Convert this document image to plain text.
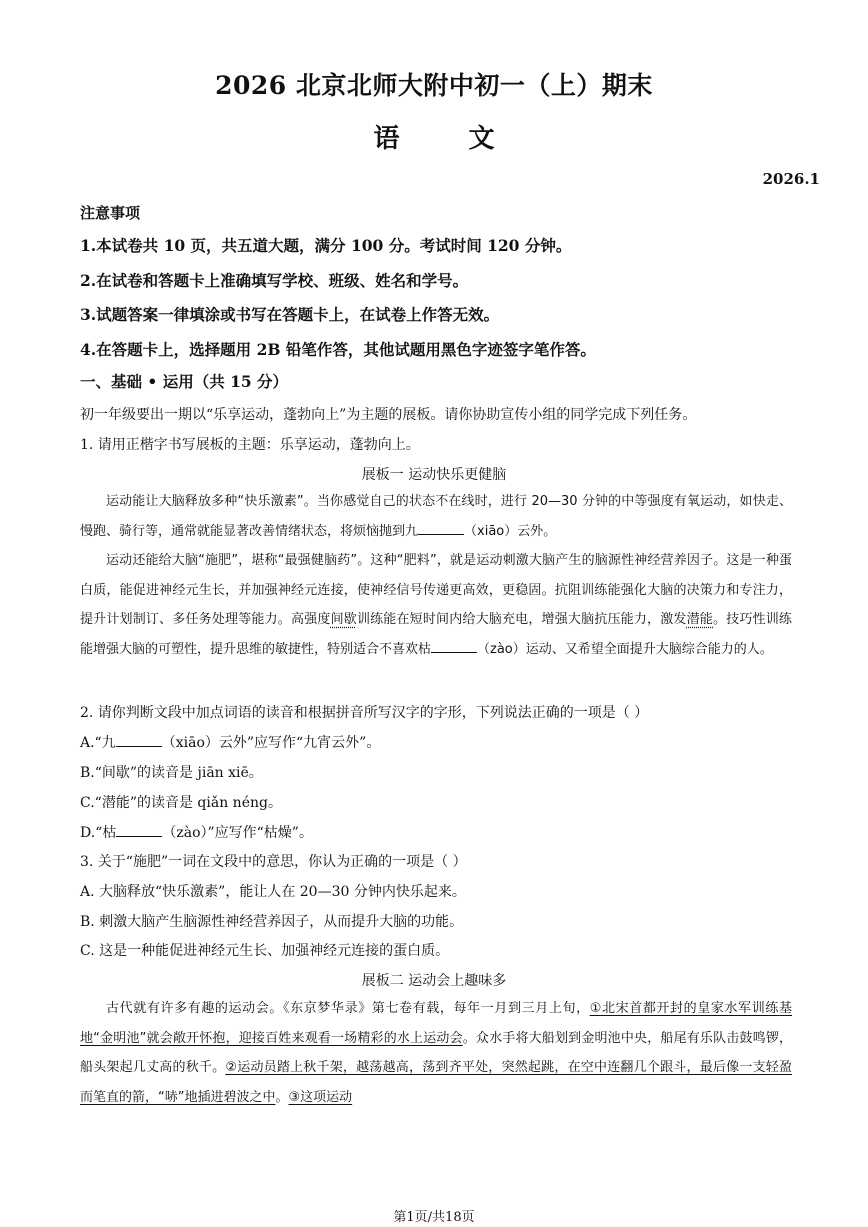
2026 北京北师大附中初一（上）期末
语 文
2026.1
注意事项
1.本试卷共 10 页，共五道大题，满分 100 分。考试时间 120 分钟。
2.在试卷和答题卡上准确填写学校、班级、姓名和学号。
3.试题答案一律填涂或书写在答题卡上，在试卷上作答无效。
4.在答题卡上，选择题用 2B 铅笔作答，其他试题用黑色字迹签字笔作答。
一、基础 • 运用（共 15 分）
初一年级要出一期以“乐享运动，蓬勃向上”为主题的展板。请你协助宣传小组的同学完成下列任务。
1. 请用正楷字书写展板的主题：乐享运动，蓬勃向上。
展板一 运动快乐更健脑

运动能让大脑释放多种“快乐激素”。当你感觉自己的状态不在线时，进行 20—30 分钟的中等强度有氧运动，如快走、慢跑、骑行等，通常就能显著改善情绪状态，将烦恼抛到九	（xiāo）云外。

运动还能给大脑“施肥”，堪称“最强健脑药”。这种“肥料”，就是运动刺激大脑产生的脑源性神经营养因子。这是一种蛋白质，能促进神经元生长，并加强神经元连接，使神经信号传递更高效，更稳固。抗阻训练能强化大脑的决策力和专注力，提升计划制订、多任务处理等能力。高强度间歇训练能在短时间内给大脑充电，增强大脑抗压能力，激发潜能。技巧性训练能增强大脑的可塑性，提升思维的敏捷性，特别适合不喜欢枯	（zào）运动、又希望全面提升大脑综合能力的人。

2. 请你判断文段中加点词语的读音和根据拼音所写汉字的字形，下列说法正确的一项是（ ）
A.“九	（xiāo）云外”应写作“九宵云外”。
B.“间歇”的读音是 jiān xiē。
C.“潜能”的读音是 qiǎn néng。
D.“枯	（zào）”应写作“枯燥”。
3. 关于“施肥”一词在文段中的意思，你认为正确的一项是（ ）
A. 大脑释放“快乐激素”，能让人在 20—30 分钟内快乐起来。
B. 刺激大脑产生脑源性神经营养因子，从而提升大脑的功能。
C. 这是一种能促进神经元生长、加强神经元连接的蛋白质。
展板二 运动会上趣味多

古代就有许多有趣的运动会。《东京梦华录》第七卷有载，每年一月到三月上旬，①北宋首都开封的皇家水军训练基地“金明池”就会敞开怀抱，迎接百姓来观看一场精彩的水上运动会。众水手将大船划到金明池中央，船尾有乐队击鼓鸣锣，船头架起几丈高的秋千。②运动员踏上秋千架，越荡越高，荡到齐平处，突然起跳，在空中连翻几个跟斗，最后像一支轻盈而笔直的箭，“哧”地插进碧波之中。③这项运动

第1页/共18页
